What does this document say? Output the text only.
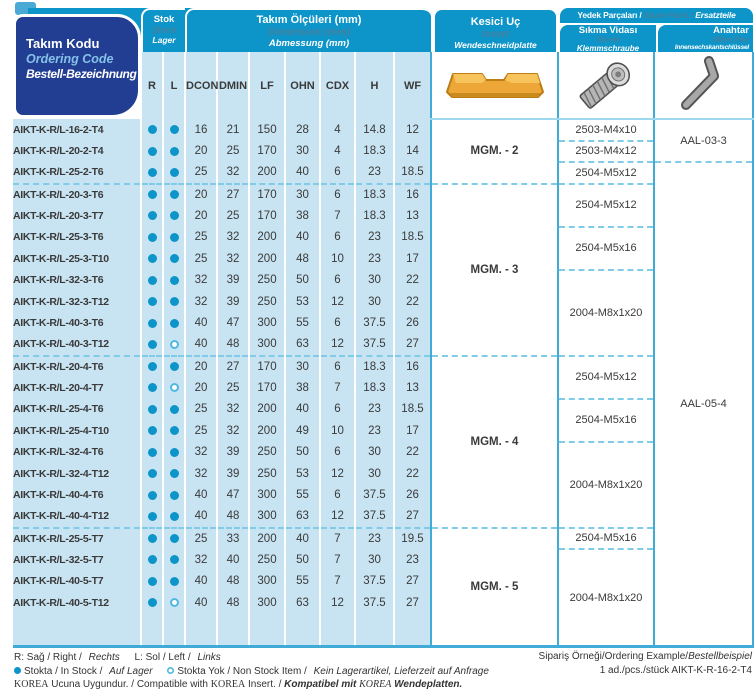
Stok
Stock
Lager
Takım Ölçüleri (mm)
Dimension (mm)
Abmessung (mm)
Kesici Uç
Insert
Wendeschneidplatte
Yedek Parçaları / Spare Parts / Ersatzteile
Sıkma Vidası
Screw
Klemmschraube
Anahtar
Allen Key
Innensechskantschlüssel
Takım Kodu
Ordering Code
Bestell-Bezeichnung
	R	L	DCON	DMIN	LF	OHN	CDX	H	WF			
AIKT-K-R/L-16-2-T4			16	21	150	28	4	14.8	12	MGM. - 2	2503-M4x10	AAL-03-3
AIKT-K-R/L-20-2-T4			20	25	170	30	4	18.3	14		2503-M4x12	
AIKT-K-R/L-25-2-T6			25	32	200	40	6	23	18.5		2504-M5x12	AAL-05-4
AIKT-K-R/L-20-3-T6			20	27	170	30	6	18.3	16	MGM. - 3	2504-M5x12	
AIKT-K-R/L-20-3-T7			20	25	170	38	7	18.3	13			
AIKT-K-R/L-25-3-T6			25	32	200	40	6	23	18.5		2504-M5x16	
AIKT-K-R/L-25-3-T10			25	32	200	48	10	23	17			
AIKT-K-R/L-32-3-T6			32	39	250	50	6	30	22		2004-M8x1x20	
AIKT-K-R/L-32-3-T12			32	39	250	53	12	30	22			
AIKT-K-R/L-40-3-T6			40	47	300	55	6	37.5	26			
AIKT-K-R/L-40-3-T12			40	48	300	63	12	37.5	27			
AIKT-K-R/L-20-4-T6			20	27	170	30	6	18.3	16	MGM. - 4	2504-M5x12	
AIKT-K-R/L-20-4-T7			20	25	170	38	7	18.3	13			
AIKT-K-R/L-25-4-T6			25	32	200	40	6	23	18.5		2504-M5x16	
AIKT-K-R/L-25-4-T10			25	32	200	49	10	23	17			
AIKT-K-R/L-32-4-T6			32	39	250	50	6	30	22		2004-M8x1x20	
AIKT-K-R/L-32-4-T12			32	39	250	53	12	30	22			
AIKT-K-R/L-40-4-T6			40	47	300	55	6	37.5	26			
AIKT-K-R/L-40-4-T12			40	48	300	63	12	37.5	27			
AIKT-K-R/L-25-5-T7			25	33	200	40	7	23	19.5	MGM. - 5	2504-M5x16	
AIKT-K-R/L-32-5-T7			32	40	250	50	7	30	23		2004-M8x1x20	
AIKT-K-R/L-40-5-T7			40	48	300	55	7	37.5	27			
AIKT-K-R/L-40-5-T12			40	48	300	63	12	37.5	27			

R: Sağ / Right / Rechts L: Sol / Left / Links
Stokta / In Stock / Auf Lager Stokta Yok / Non Stock Item / Kein Lagerartikel, Lieferzeit auf Anfrage
KOREA Ucuna Uygundur. / Compatible with KOREA Insert. / Kompatibel mit KOREA Wendeplatten.
Sipariş Örneği/Ordering Example/Bestellbeispiel
1 ad./pcs./stück AIKT-K-R-16-2-T4
